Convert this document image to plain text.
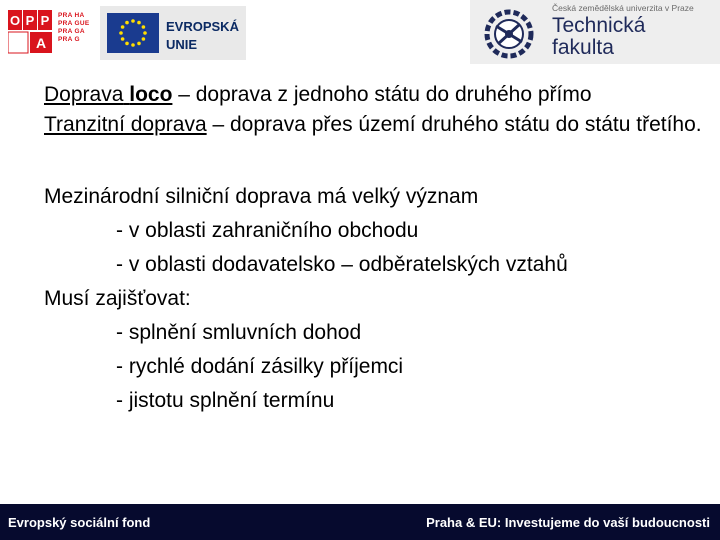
O P P
A
PRA HA
PRA GUE
PRA GA
PRA G
EVROPSKÁ
UNIE
Česká zemědělská univerzita v Praze
Technická
fakulta

Doprava loco – doprava z jednoho státu do druhého přímo

Tranzitní doprava – doprava přes území druhého státu do státu třetího.

Mezinárodní silniční doprava má velký význam

- v oblasti zahraničního obchodu

- v oblasti dodavatelsko – odběratelských vztahů

Musí zajišťovat:

- splnění smluvních dohod

- rychlé dodání zásilky příjemci

- jistotu splnění termínu

Evropský sociální fond	Praha & EU: Investujeme do vaší budoucnosti
